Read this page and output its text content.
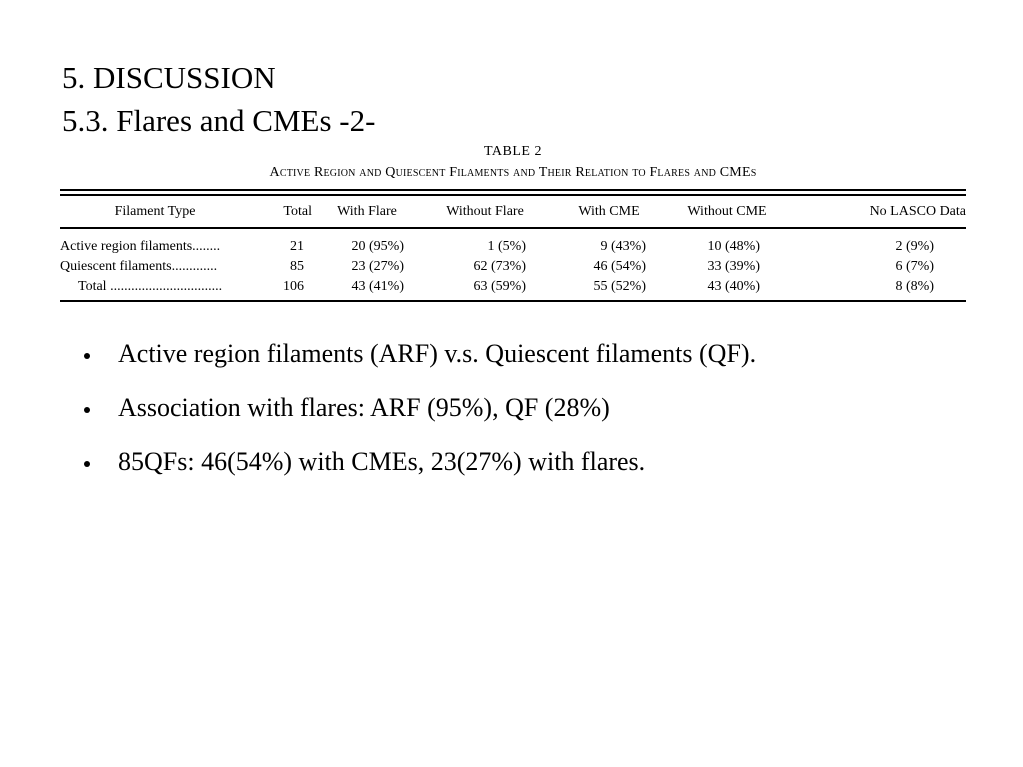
5. DISCUSSION
5.3. Flares and CMEs -2-
TABLE 2
Active Region and Quiescent Filaments and Their Relation to Flares and CMEs
Filament Type	Total	With Flare	Without Flare	With CME	Without CME	No LASCO Data
Active region filaments........	21	20 (95%)	1 (5%)	9 (43%)	10 (48%)	2 (9%)
Quiescent filaments.............	85	23 (27%)	62 (73%)	46 (54%)	33 (39%)	6 (7%)
Total ................................	106	43 (41%)	63 (59%)	55 (52%)	43 (40%)	8 (8%)
Active region filaments (ARF) v.s. Quiescent filaments (QF).
Association with flares: ARF (95%), QF (28%)
85QFs: 46(54%) with CMEs, 23(27%) with flares.
